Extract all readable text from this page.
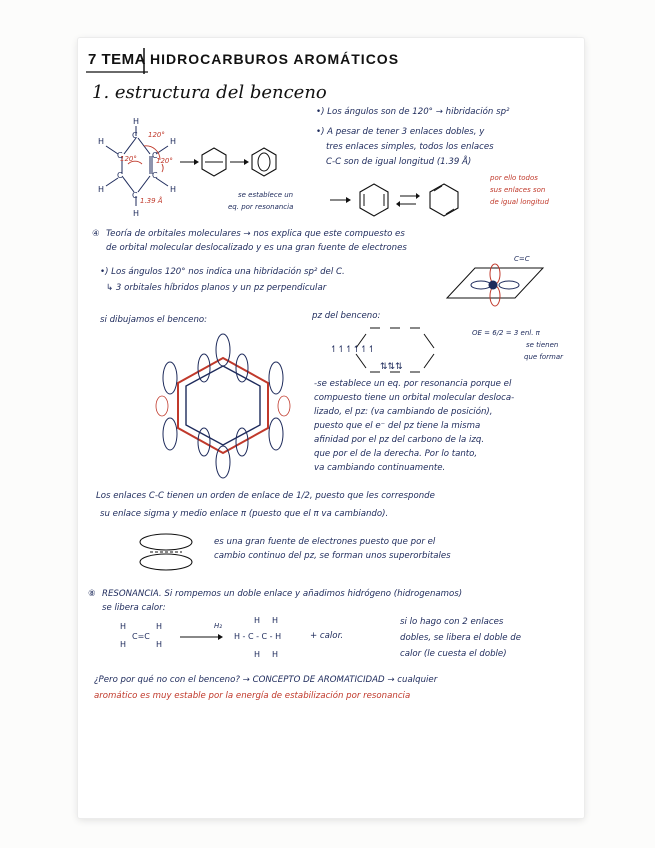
7 TEMA HIDROCARBUROS AROMÁTICOS
1. estructura del benceno
H
H
H
H
H
H
C
C
C
C
C
C
120°
120°	120°
1.39 Å
•) Los ángulos son de 120° → hibridación sp²
•) A pesar de tener 3 enlaces dobles, y
tres enlaces simples, todos los enlaces
C-C son de igual longitud (1.39 Å)
por ello todos
sus enlaces son
de igual longitud
se establece un
eq. por resonancia
④ Teoría de orbitales moleculares → nos explica que este compuesto es
de orbital molecular deslocalizado y es una gran fuente de electrones
C=C
•) Los ángulos 120° nos indica una hibridación sp² del C.
↳ 3 orbitales híbridos planos y un pz perpendicular
si dibujamos el benceno:	pz del benceno:
↿↿↿↿↿↿
⇅⇅⇅
OE = 6/2 = 3 enl. π
se tienen
que formar
-se establece un eq. por resonancia porque el
compuesto tiene un orbital molecular desloca-
lizado, el pz: (va cambiando de posición),
puesto que el e⁻ del pz tiene la misma
afinidad por el pz del carbono de la izq.
que por el de la derecha. Por lo tanto,
va cambiando continuamente.
Los enlaces C-C tienen un orden de enlace de 1/2, puesto que les corresponde
su enlace sigma y medio enlace π (puesto que el π va cambiando).
es una gran fuente de electrones puesto que por el
cambio continuo del pz, se forman unos superorbitales
⑧ RESONANCIA. Si rompemos un doble enlace y añadimos hidrógeno (hidrogenamos)
se libera calor:
H
H
C=C
H
H
H - C - C - H
H H
H H
H₂
+ calor.
si lo hago con 2 enlaces
dobles, se libera el doble de
calor (le cuesta el doble)
¿Pero por qué no con el benceno? → CONCEPTO DE AROMATICIDAD → cualquier
aromático es muy estable por la energía de estabilización por resonancia
